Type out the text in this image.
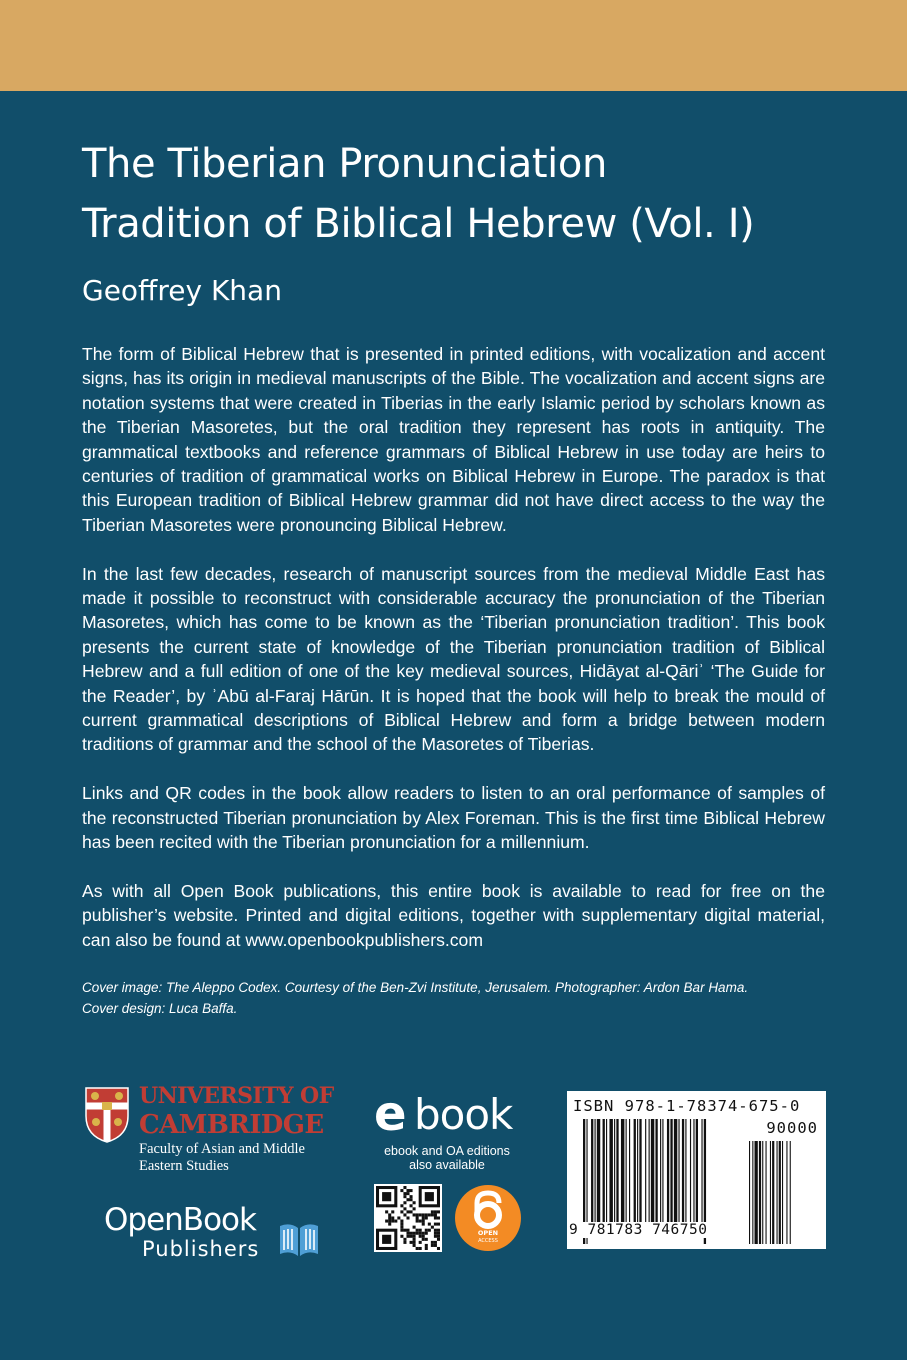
The Tiberian Pronunciation
Tradition of Biblical Hebrew (Vol. I)
Geoffrey Khan

The form of Biblical Hebrew that is presented in printed editions, with vocalization and accent signs, has its origin in medieval manuscripts of the Bible. The vocalization and accent signs are notation systems that were created in Tiberias in the early Islamic period by scholars known as the Tiberian Masoretes, but the oral tradition they represent has roots in antiquity. The grammatical textbooks and reference grammars of Biblical Hebrew in use today are heirs to centuries of tradition of grammatical works on Biblical Hebrew in Europe. The paradox is that this European tradition of Biblical Hebrew grammar did not have direct access to the way the Tiberian Masoretes were pronouncing Biblical Hebrew.

In the last few decades, research of manuscript sources from the medieval Middle East has made it possible to reconstruct with considerable accuracy the pronunciation of the Tiberian Masoretes, which has come to be known as the ‘Tiberian pronunciation tradition’. This book presents the current state of knowledge of the Tiberian pronunciation tradition of Biblical Hebrew and a full edition of one of the key medieval sources, Hidāyat al-Qāriʾ ‘The Guide for the Reader’, by ʾAbū al-Faraj Hārūn. It is hoped that the book will help to break the mould of current grammatical descriptions of Biblical Hebrew and form a bridge between modern traditions of grammar and the school of the Masoretes of Tiberias.

Links and QR codes in the book allow readers to listen to an oral performance of samples of the reconstructed Tiberian pronunciation by Alex Foreman. This is the first time Biblical Hebrew has been recited with the Tiberian pronunciation for a millennium.

As with all Open Book publications, this entire book is available to read for free on the publisher’s website. Printed and digital editions, together with supplementary digital material, can also be found at www.openbookpublishers.com

Cover image: The Aleppo Codex. Courtesy of the Ben-Zvi Institute, Jerusalem. Photographer: Ardon Bar Hama.
Cover design: Luca Baffa.
UNIVERSITY OF
CAMBRIDGE
Faculty of Asian and Middle
Eastern Studies
OpenBook
Publishers
e book
ebook and OA editions
also available
OPEN
ACCESS
ISBN 978-1-78374-675-0
90000
9 781783 746750
